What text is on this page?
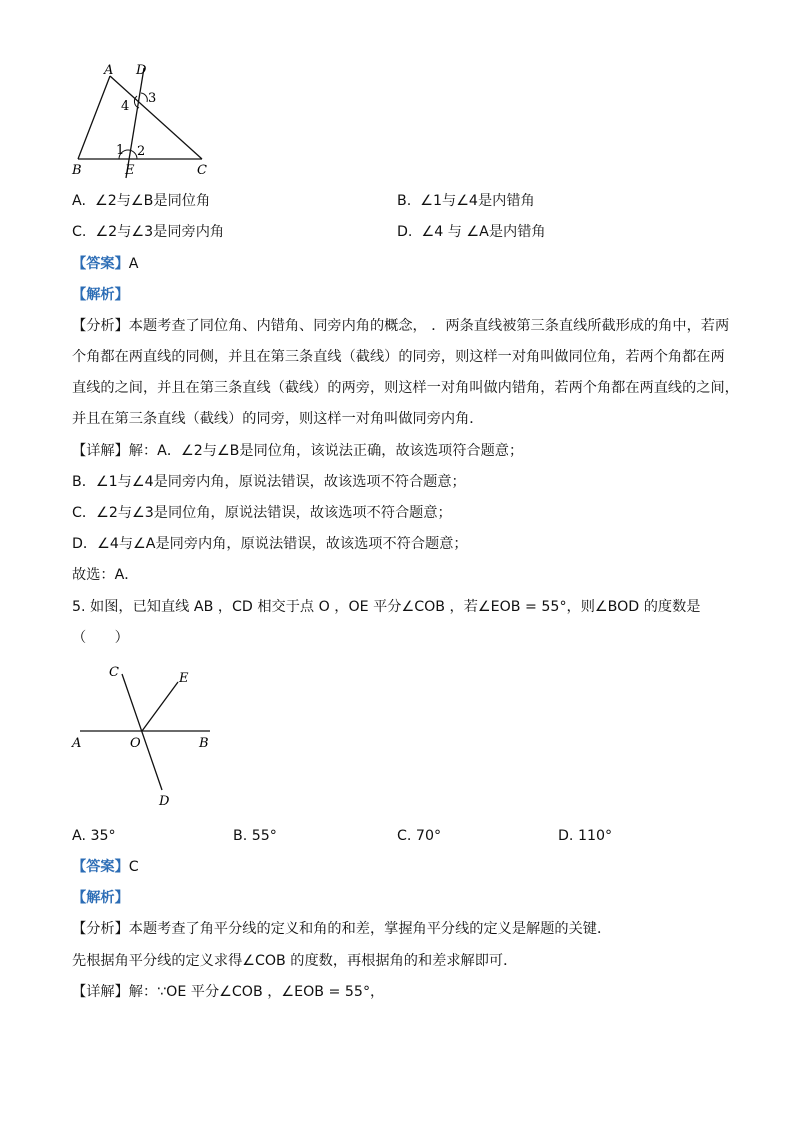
A D
B	E	C
1 2
3
4
A. ∠2与∠B是同位角	B. ∠1与∠4是内错角
C. ∠2与∠3是同旁内角	D. ∠4 与 ∠A是内错角
【答案】A
【解析】
【分析】本题考查了同位角、内错角、同旁内角的概念， ．两条直线被第三条直线所截形成的角中，若两
个角都在两直线的同侧，并且在第三条直线（截线）的同旁，则这样一对角叫做同位角，若两个角都在两
直线的之间，并且在第三条直线（截线）的两旁，则这样一对角叫做内错角，若两个角都在两直线的之间，
并且在第三条直线（截线）的同旁，则这样一对角叫做同旁内角．
【详解】解：A．∠2与∠B是同位角，该说法正确，故该选项符合题意；
B．∠1与∠4是同旁内角，原说法错误，故该选项不符合题意；
C．∠2与∠3是同位角，原说法错误，故该选项不符合题意；
D．∠4与∠A是同旁内角，原说法错误，故该选项不符合题意；
故选：A．
5. 如图，已知直线 AB ，CD 相交于点 O ，OE 平分∠COB ，若∠EOB = 55°，则∠BOD 的度数是
（　　）
C	E
A	O	B
D
A. 35°	B. 55°	C. 70°	D. 110°
【答案】C
【解析】
【分析】本题考查了角平分线的定义和角的和差，掌握角平分线的定义是解题的关键．
先根据角平分线的定义求得∠COB 的度数，再根据角的和差求解即可．
【详解】解：∵OE 平分∠COB ，∠EOB = 55°，
